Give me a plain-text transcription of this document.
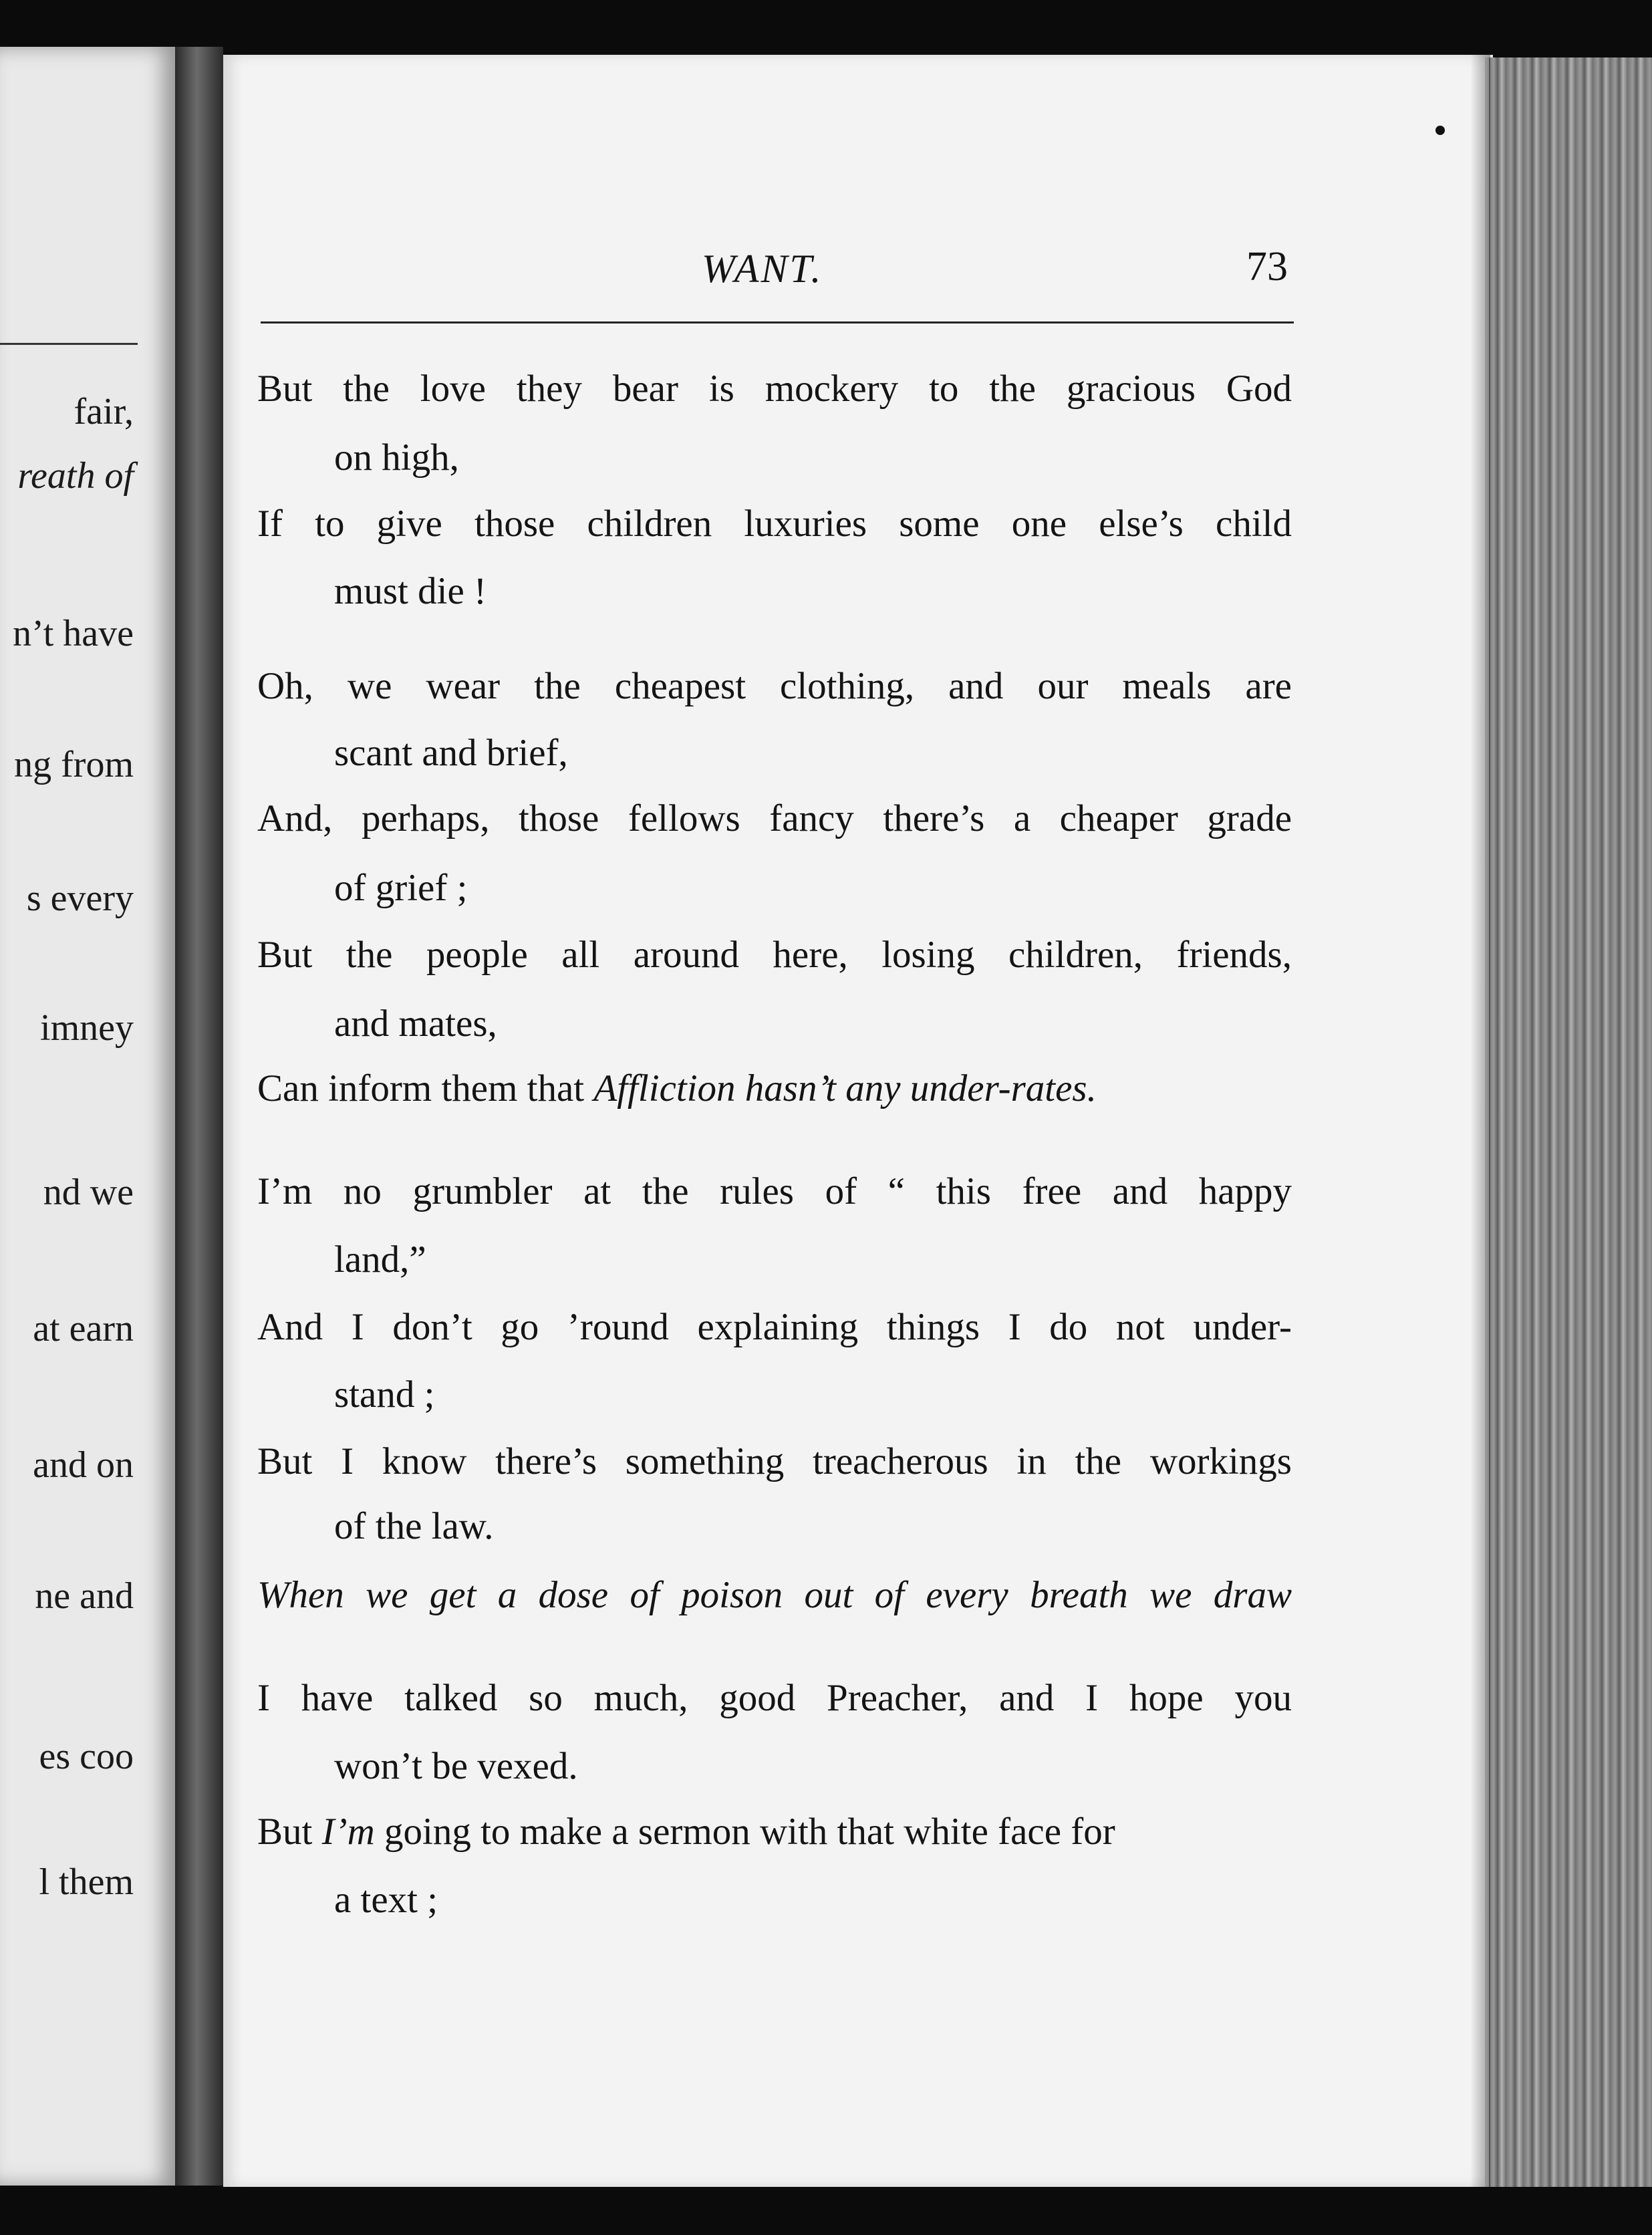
fair,
reath of
n’t have
ng from
s every
imney
nd we
at earn
and on
ne and
es coo
l them
WANT.	73
But the love they bear is mockery to the gracious God
on high,
If to give those children luxuries some one else’s child
must die !
Oh, we wear the cheapest clothing, and our meals are
scant and brief,
And, perhaps, those fellows fancy there’s a cheaper grade
of grief ;
But the people all around here, losing children, friends,
and mates,
Can inform them that Affliction hasn’t any under-rates.
I’m no grumbler at the rules of “ this free and happy
land,”
And I don’t go ’round explaining things I do not under-
stand ;
But I know there’s something treacherous in the workings
of the law.
When we get a dose of poison out of every breath we draw
I have talked so much, good Preacher, and I hope you
won’t be vexed.
But I’m going to make a sermon with that white face for
a text ;
